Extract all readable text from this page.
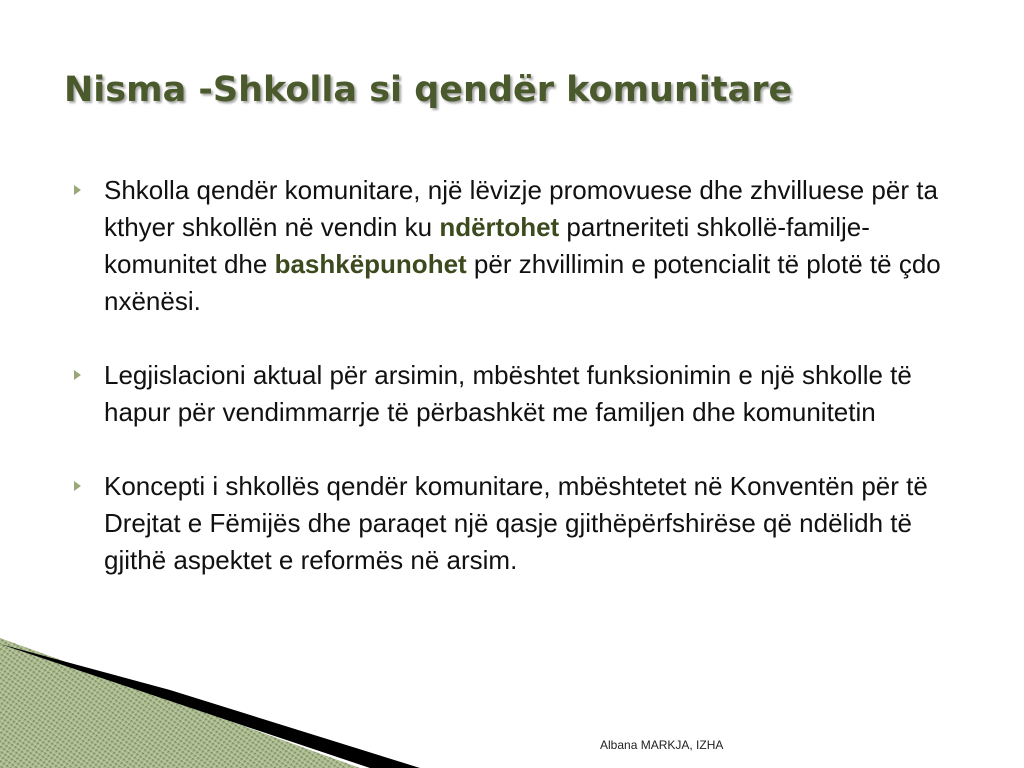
Nisma -Shkolla si qendër komunitare
Shkolla qendër komunitare, një lëvizje promovuese dhe zhvilluese për ta kthyer shkollën në vendin ku ndërtohet partneriteti shkollë-familje-komunitet dhe bashkëpunohet për zhvillimin e potencialit të plotë të çdo nxënësi.
Legjislacioni aktual për arsimin, mbështet funksionimin e një shkolle të hapur për vendimmarrje të përbashkët me familjen dhe komunitetin
Koncepti i shkollës qendër komunitare, mbështetet në Konventën për të Drejtat e Fëmijës dhe paraqet një qasje gjithëpërfshirëse që ndëlidh të gjithë aspektet e reformës në arsim.
Albana MARKJA, IZHA
